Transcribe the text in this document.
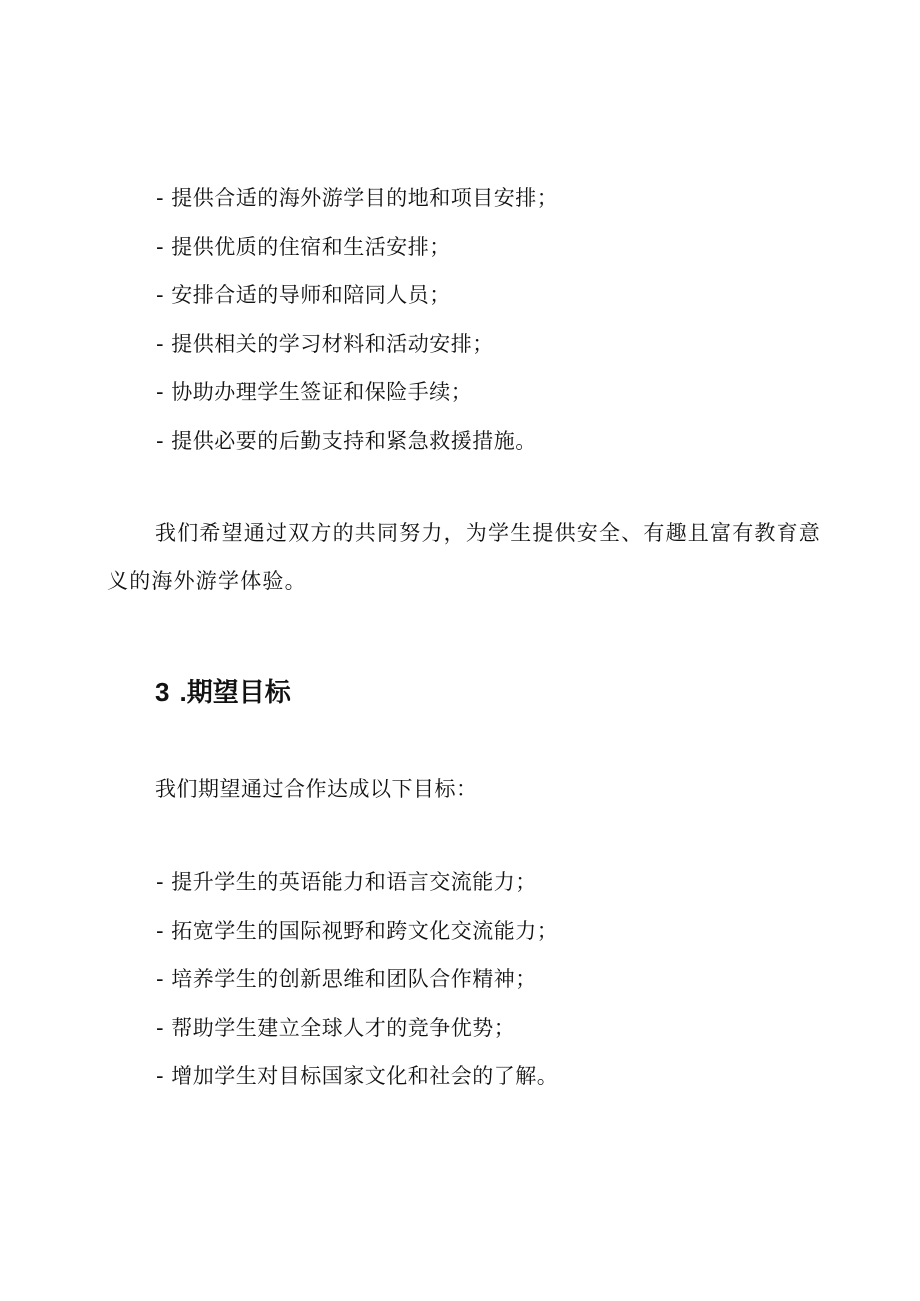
- 提供合适的海外游学目的地和项目安排；
- 提供优质的住宿和生活安排；
- 安排合适的导师和陪同人员；
- 提供相关的学习材料和活动安排；
- 协助办理学生签证和保险手续；
- 提供必要的后勤支持和紧急救援措施。

我们希望通过双方的共同努力，为学生提供安全、有趣且富有教育意义的海外游学体验。

3 .期望目标

我们期望通过合作达成以下目标：

- 提升学生的英语能力和语言交流能力；
- 拓宽学生的国际视野和跨文化交流能力；
- 培养学生的创新思维和团队合作精神；
- 帮助学生建立全球人才的竞争优势；
- 增加学生对目标国家文化和社会的了解。
